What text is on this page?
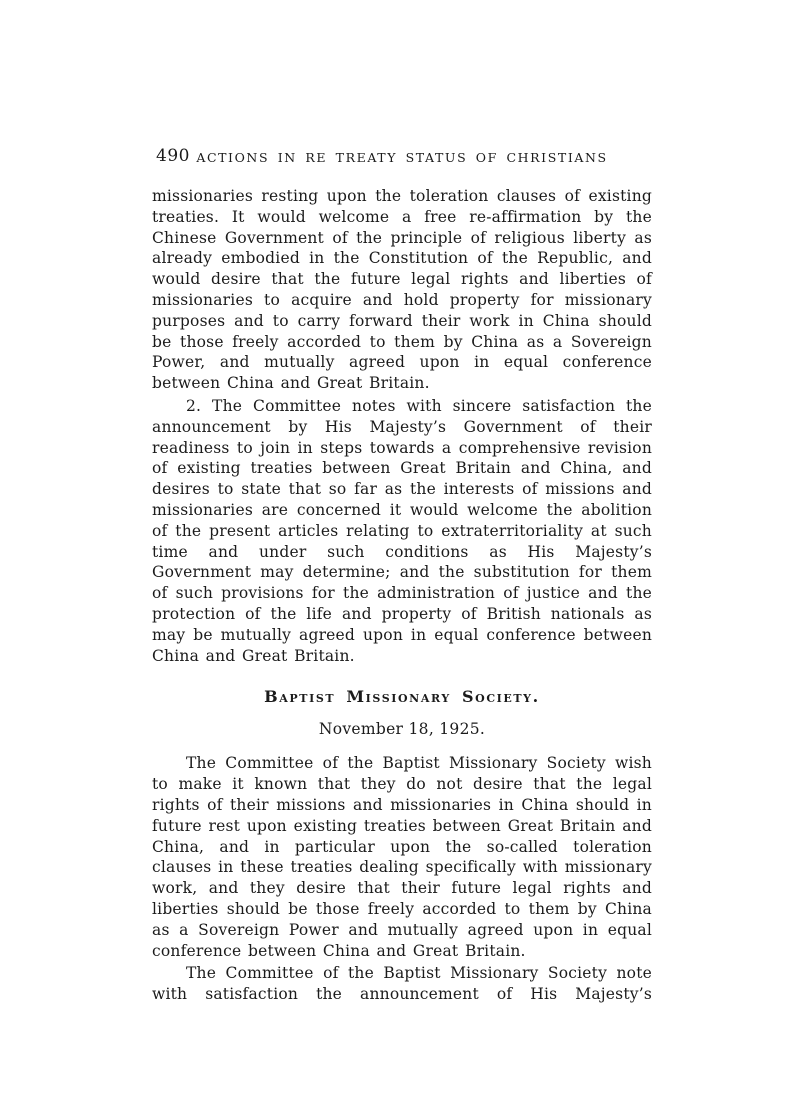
490 ACTIONS IN RE TREATY STATUS OF CHRISTIANS

missionaries resting upon the toleration clauses of existing treaties. It would welcome a free re-affirmation by the Chinese Government of the principle of religious liberty as already embodied in the Constitution of the Republic, and would desire that the future legal rights and liberties of missionaries to acquire and hold property for missionary purposes and to carry forward their work in China should be those freely accorded to them by China as a Sovereign Power, and mutually agreed upon in equal conference between China and Great Britain.

2. The Committee notes with sincere satisfaction the announcement by His Majesty’s Government of their readiness to join in steps towards a comprehensive revision of existing treaties between Great Britain and China, and desires to state that so far as the interests of missions and missionaries are concerned it would welcome the abolition of the present articles relating to extraterritoriality at such time and under such conditions as His Majesty’s Government may determine; and the substitution for them of such provisions for the administration of justice and the protection of the life and property of British nationals as may be mutually agreed upon in equal conference between China and Great Britain.

Baptist Missionary Society.

November 18, 1925.

The Committee of the Baptist Missionary Society wish to make it known that they do not desire that the legal rights of their missions and missionaries in China should in future rest upon existing treaties between Great Britain and China, and in particular upon the so-called toleration clauses in these treaties dealing specifically with missionary work, and they desire that their future legal rights and liberties should be those freely accorded to them by China as a Sovereign Power and mutually agreed upon in equal conference between China and Great Britain.

The Committee of the Baptist Missionary Society note with satisfaction the announcement of His Majesty’s
